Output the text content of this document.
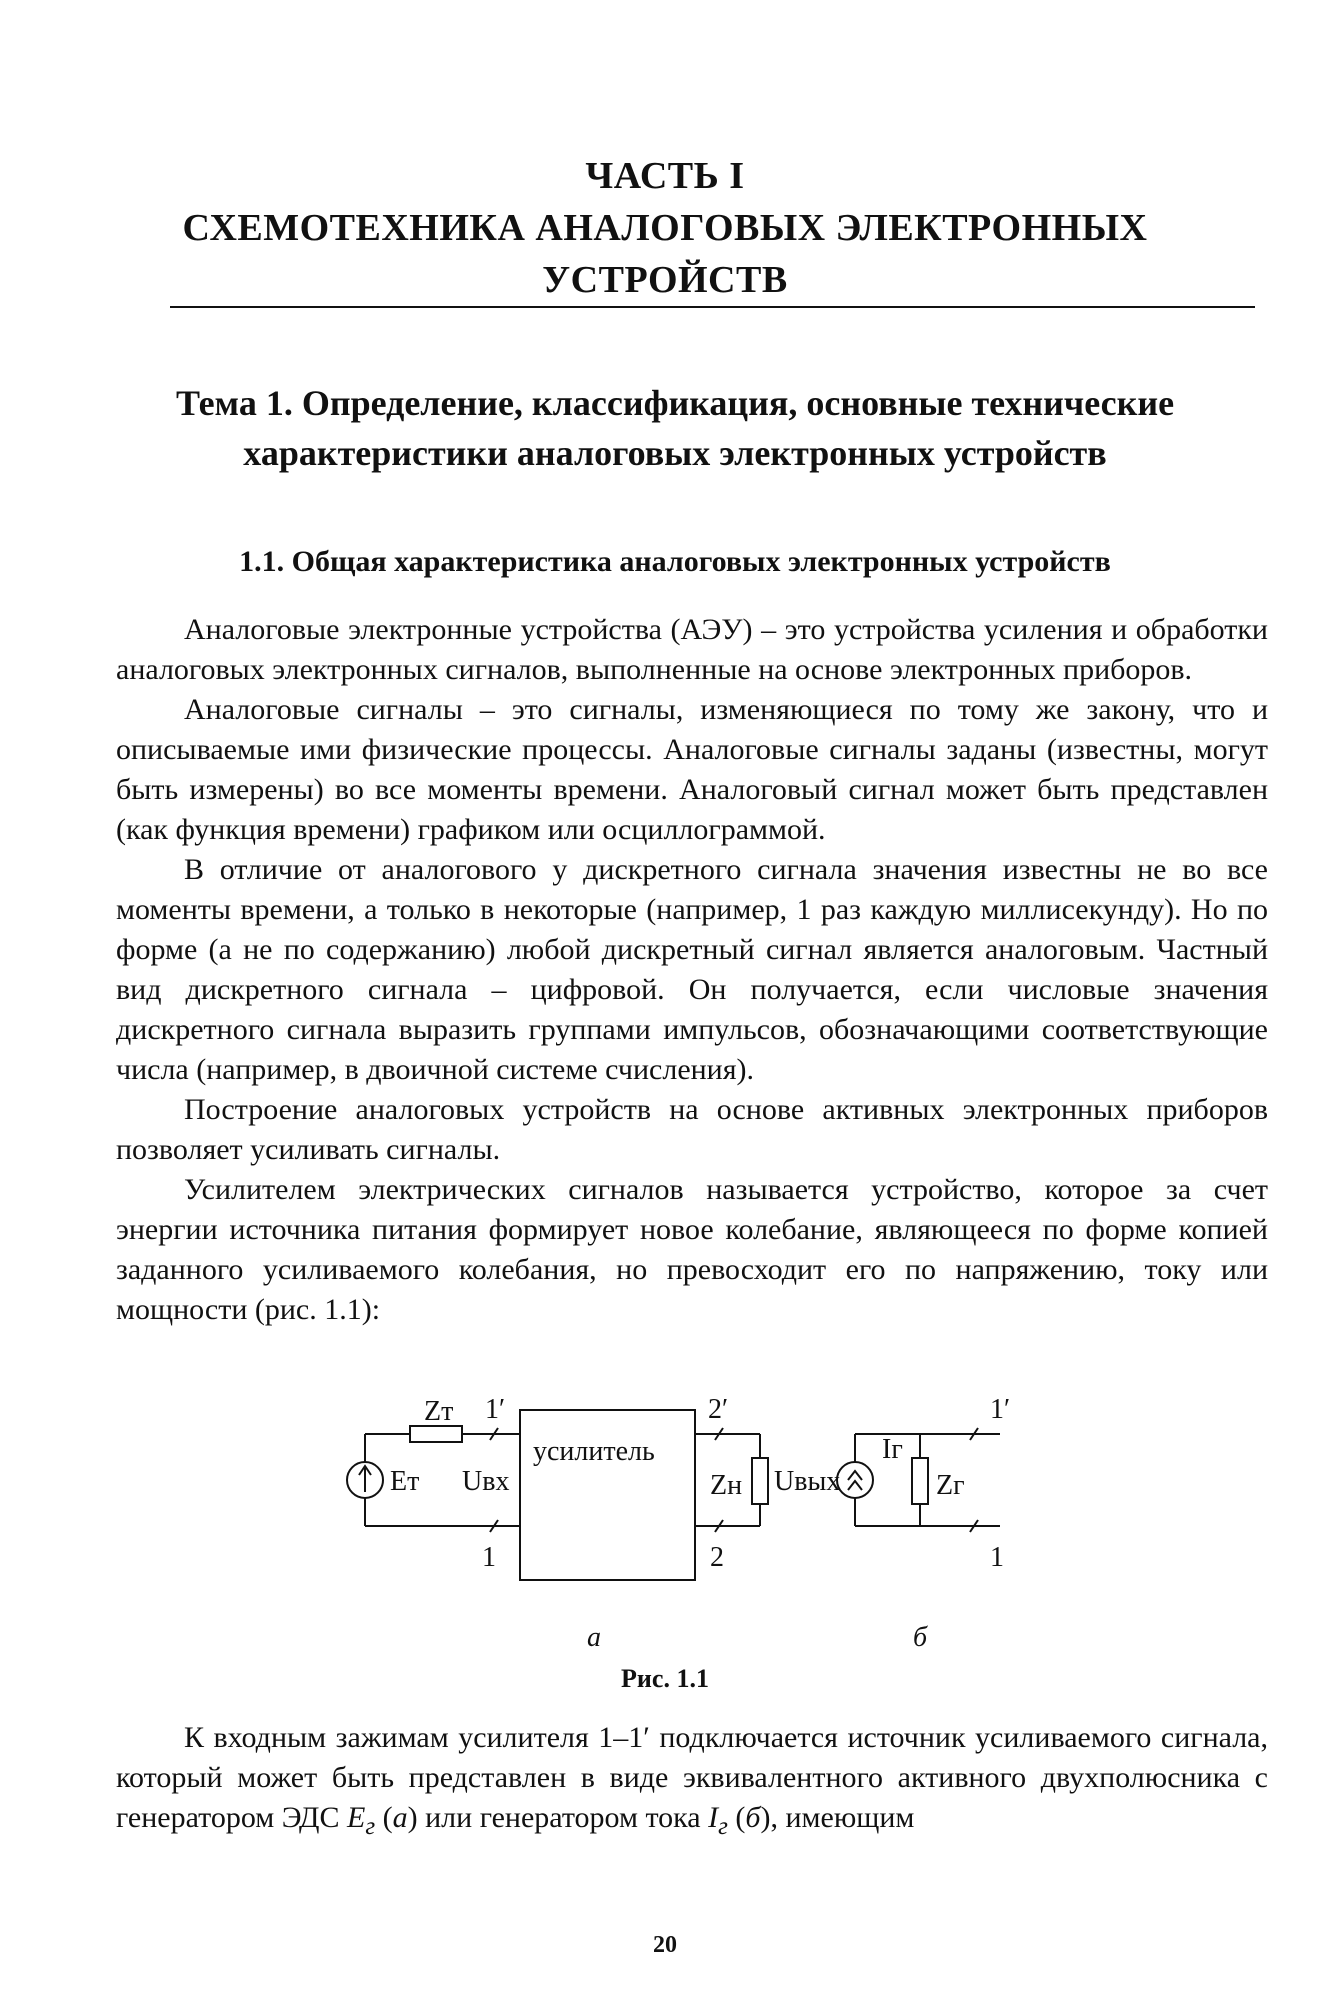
ЧАСТЬ I
СХЕМОТЕХНИКА АНАЛОГОВЫХ ЭЛЕКТРОННЫХ
УСТРОЙСТВ
Тема 1. Определение, классификация, основные технические
характеристики аналоговых электронных устройств
1.1. Общая характеристика аналоговых электронных устройств

Аналоговые электронные устройства (АЭУ) – это устройства усиления и обработки аналоговых электронных сигналов, выполненные на основе электронных приборов.

Аналоговые сигналы – это сигналы, изменяющиеся по тому же закону, что и описываемые ими физические процессы. Аналоговые сигналы заданы (известны, могут быть измерены) во все моменты времени. Аналоговый сигнал может быть представлен (как функция времени) графиком или осциллограммой.

В отличие от аналогового у дискретного сигнала значения известны не во все моменты времени, а только в некоторые (например, 1 раз каждую миллисекунду). Но по форме (а не по содержанию) любой дискретный сигнал является аналоговым. Частный вид дискретного сигнала – цифровой. Он получается, если числовые значения дискретного сигнала выразить группами импульсов, обозначающими соответствующие числа (например, в двоичной системе счисления).

Построение аналоговых устройств на основе активных электронных приборов позволяет усиливать сигналы.

Усилителем электрических сигналов называется устройство, которое за счет энергии источника питания формирует новое колебание, являющееся по форме копией заданного усиливаемого колебания, но превосходит его по напряжению, току или мощности (рис. 1.1):

Zт
Eт Uвх
1′
1
усилитель
2′
2
Zн Uвых
Iг
Zг
1′
1
а	б
Рис. 1.1

К входным зажимам усилителя 1–1′ подключается источник усиливаемого сигнала, который может быть представлен в виде эквивалентного активного двухполюсника с генератором ЭДС $E_г$ (а) или генератором тока $I_г$ (б), имеющим

20
